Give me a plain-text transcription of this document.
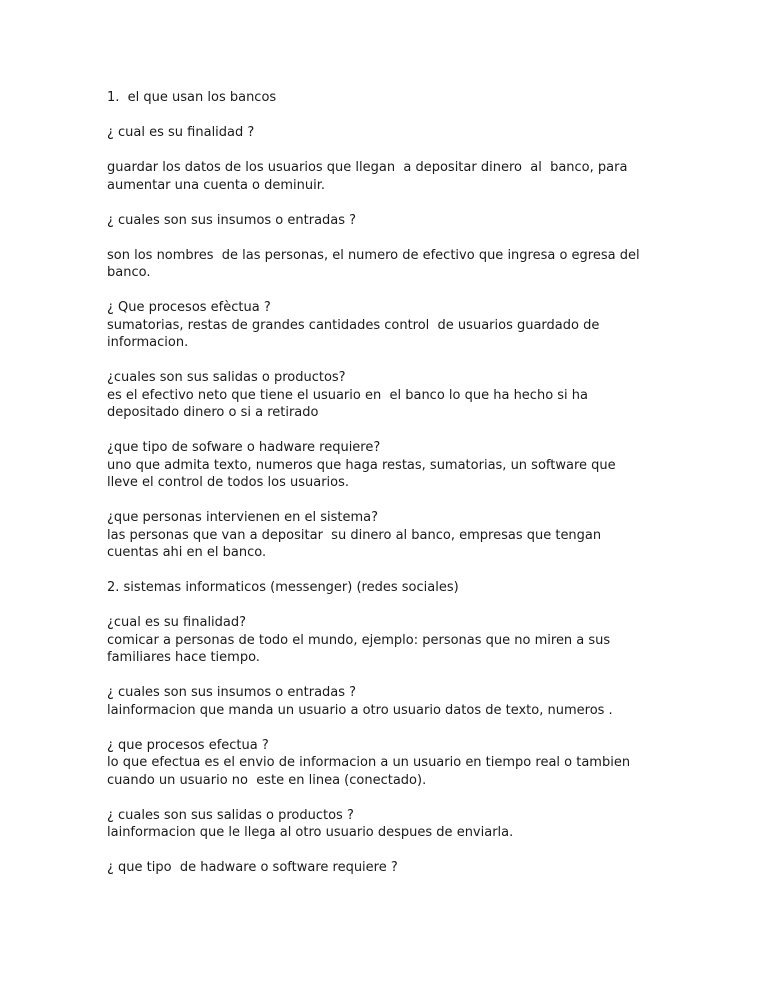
1.  el que usan los bancos
¿ cual es su finalidad ?
guardar los datos de los usuarios que llegan  a depositar dinero  al  banco, para
aumentar una cuenta o deminuir.
¿ cuales son sus insumos o entradas ?
son los nombres  de las personas, el numero de efectivo que ingresa o egresa del
banco.
¿ Que procesos efèctua ?
sumatorias, restas de grandes cantidades control  de usuarios guardado de
informacion.
¿cuales son sus salidas o productos?
es el efectivo neto que tiene el usuario en  el banco lo que ha hecho si ha
depositado dinero o si a retirado
¿que tipo de sofware o hadware requiere?
uno que admita texto, numeros que haga restas, sumatorias, un software que
lleve el control de todos los usuarios.
¿que personas intervienen en el sistema?
las personas que van a depositar  su dinero al banco, empresas que tengan
cuentas ahi en el banco.
2. sistemas informaticos (messenger) (redes sociales)
¿cual es su finalidad?
comicar a personas de todo el mundo, ejemplo: personas que no miren a sus
familiares hace tiempo.
¿ cuales son sus insumos o entradas ?
lainformacion que manda un usuario a otro usuario datos de texto, numeros .
¿ que procesos efectua ?
lo que efectua es el envio de informacion a un usuario en tiempo real o tambien
cuando un usuario no  este en linea (conectado).
¿ cuales son sus salidas o productos ?
lainformacion que le llega al otro usuario despues de enviarla.
¿ que tipo  de hadware o software requiere ?
